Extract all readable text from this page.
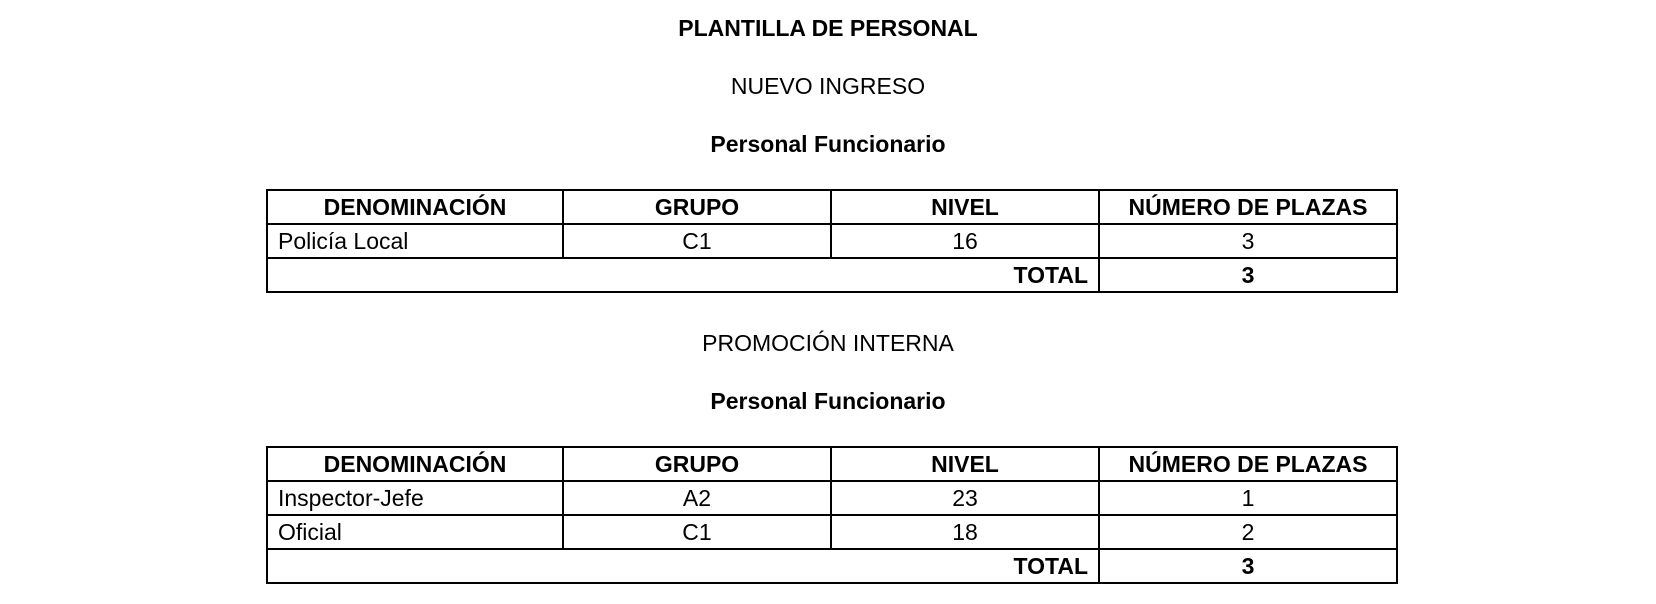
PLANTILLA DE PERSONAL
NUEVO INGRESO
Personal Funcionario
DENOMINACIÓN	GRUPO	NIVEL	NÚMERO DE PLAZAS
Policía Local	C1	16	3
TOTAL			3
PROMOCIÓN INTERNA
Personal Funcionario
DENOMINACIÓN	GRUPO	NIVEL	NÚMERO DE PLAZAS
Inspector-Jefe	A2	23	1
Oficial	C1	18	2
TOTAL			3
